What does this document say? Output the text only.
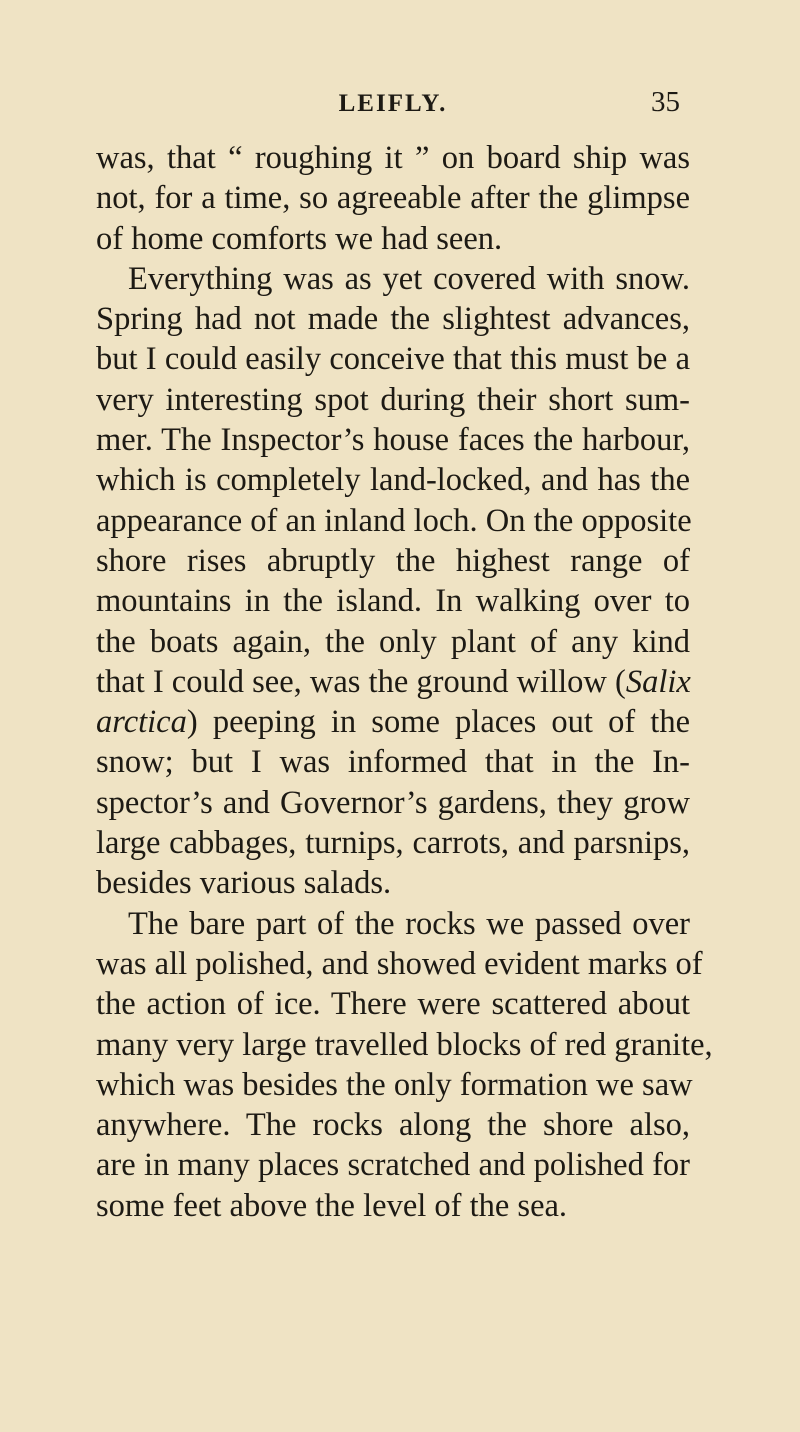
LEIFLY.	35
was, that “ roughing it ” on board ship was
not, for a time, so agreeable after the glimpse
of home comforts we had seen.
Everything was as yet covered with snow.
Spring had not made the slightest advances,
but I could easily conceive that this must be a
very interesting spot during their short sum-
mer. The Inspector’s house faces the harbour,
which is completely land-locked, and has the
appearance of an inland loch. On the opposite
shore rises abruptly the highest range of
mountains in the island. In walking over to
the boats again, the only plant of any kind
that I could see, was the ground willow (Salix
arctica) peeping in some places out of the
snow; but I was informed that in the In-
spector’s and Governor’s gardens, they grow
large cabbages, turnips, carrots, and parsnips,
besides various salads.
The bare part of the rocks we passed over
was all polished, and showed evident marks of
the action of ice. There were scattered about
many very large travelled blocks of red granite,
which was besides the only formation we saw
anywhere. The rocks along the shore also,
are in many places scratched and polished for
some feet above the level of the sea.
